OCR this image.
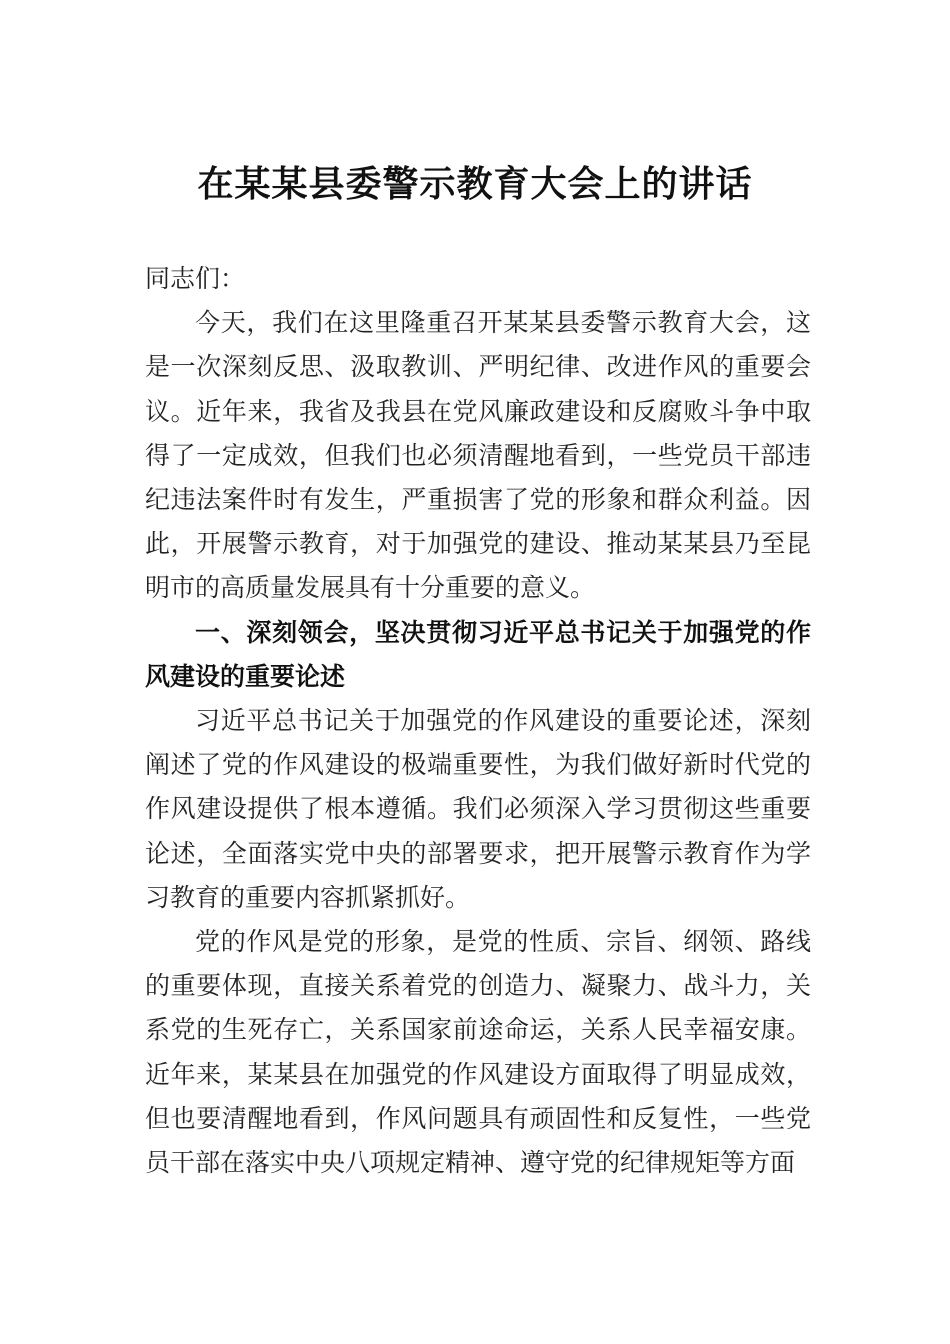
在某某县委警示教育大会上的讲话

同志们：

今天，我们在这里隆重召开某某县委警示教育大会，这是一次深刻反思、汲取教训、严明纪律、改进作风的重要会议。近年来，我省及我县在党风廉政建设和反腐败斗争中取得了一定成效，但我们也必须清醒地看到，一些党员干部违纪违法案件时有发生，严重损害了党的形象和群众利益。因此，开展警示教育，对于加强党的建设、推动某某县乃至昆明市的高质量发展具有十分重要的意义。

一、深刻领会，坚决贯彻习近平总书记关于加强党的作风建设的重要论述

习近平总书记关于加强党的作风建设的重要论述，深刻阐述了党的作风建设的极端重要性，为我们做好新时代党的作风建设提供了根本遵循。我们必须深入学习贯彻这些重要论述，全面落实党中央的部署要求，把开展警示教育作为学习教育的重要内容抓紧抓好。

党的作风是党的形象，是党的性质、宗旨、纲领、路线的重要体现，直接关系着党的创造力、凝聚力、战斗力，关系党的生死存亡，关系国家前途命运，关系人民幸福安康。近年来，某某县在加强党的作风建设方面取得了明显成效，但也要清醒地看到，作风问题具有顽固性和反复性，一些党员干部在落实中央八项规定精神、遵守党的纪律规矩等方面
